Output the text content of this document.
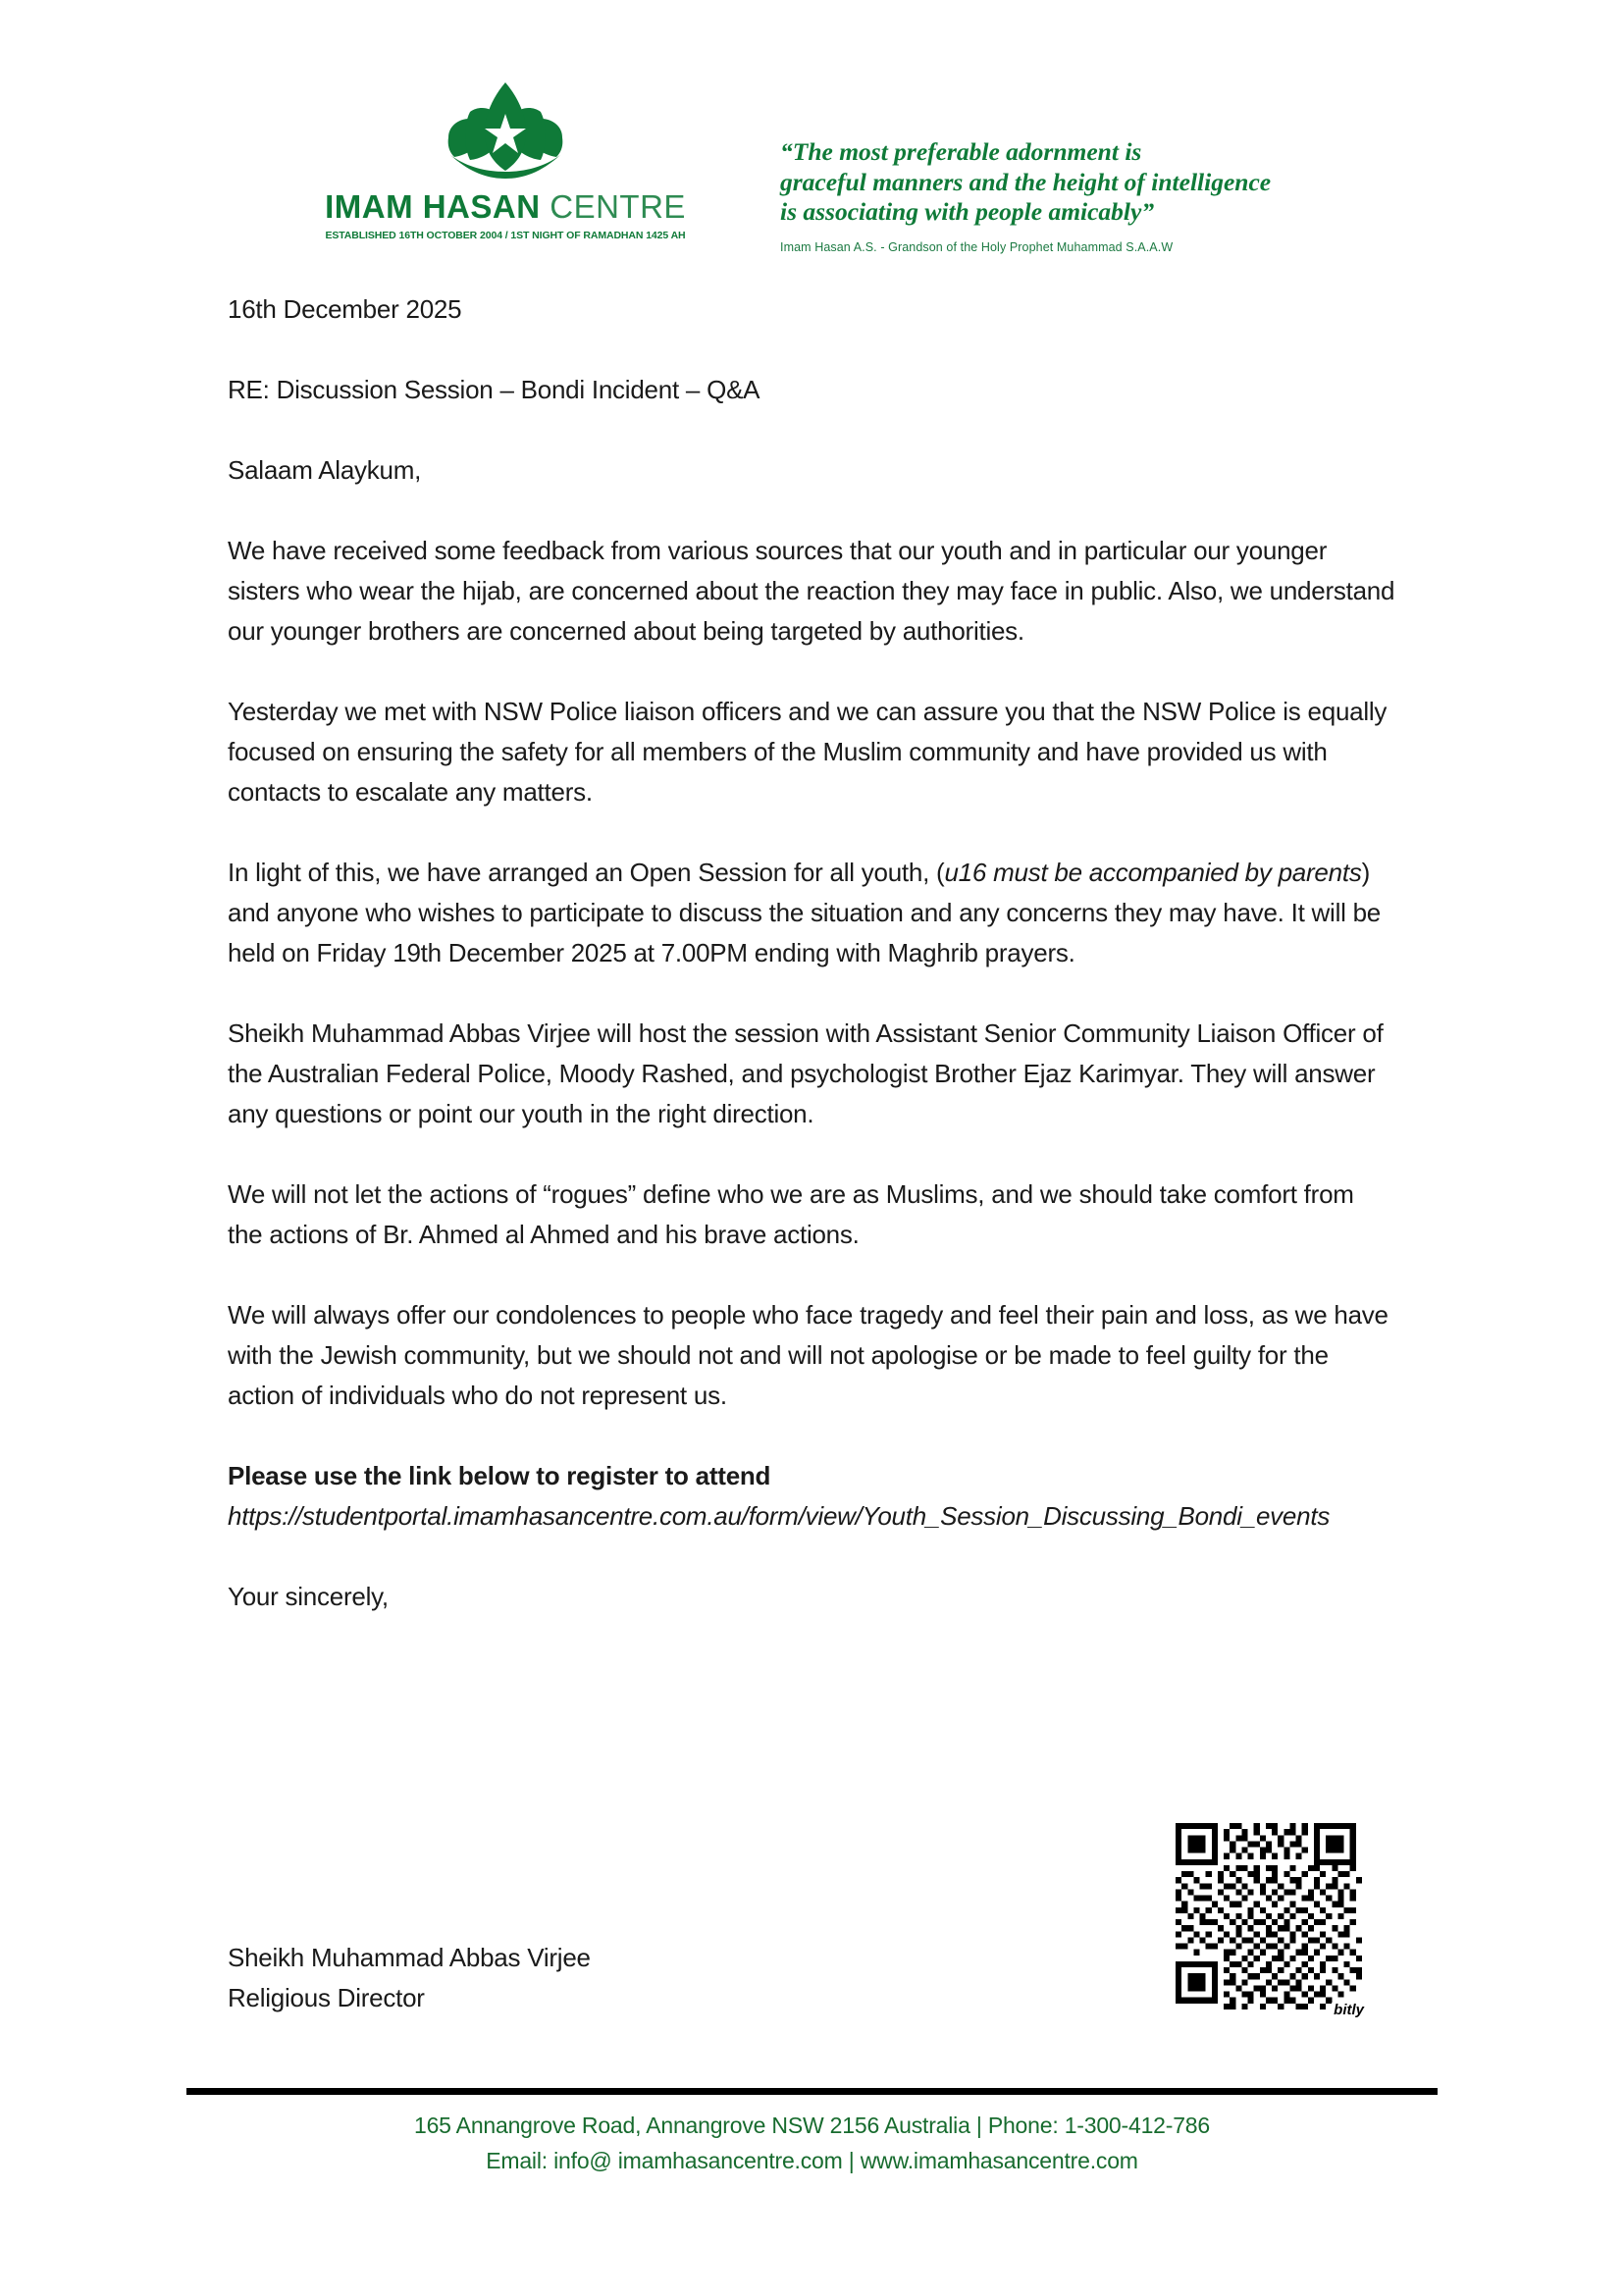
IMAM HASAN CENTRE
ESTABLISHED 16TH OCTOBER 2004 / 1ST NIGHT OF RAMADHAN 1425 AH
“The most preferable adornment is
graceful manners and the height of intelligence
is associating with people amicably”
Imam Hasan A.S. - Grandson of the Holy Prophet Muhammad S.A.A.W

16th December 2025

RE: Discussion Session – Bondi Incident – Q&A

Salaam Alaykum,

We have received some feedback from various sources that our youth and in particular our younger sisters who wear the hijab, are concerned about the reaction they may face in public. Also, we understand our younger brothers are concerned about being targeted by authorities.

Yesterday we met with NSW Police liaison officers and we can assure you that the NSW Police is equally focused on ensuring the safety for all members of the Muslim community and have provided us with contacts to escalate any matters.

In light of this, we have arranged an Open Session for all youth, (u16 must be accompanied by parents) and anyone who wishes to participate to discuss the situation and any concerns they may have. It will be held on Friday 19th December 2025 at 7.00PM ending with Maghrib prayers.

Sheikh Muhammad Abbas Virjee will host the session with Assistant Senior Community Liaison Officer of the Australian Federal Police, Moody Rashed, and psychologist Brother Ejaz Karimyar. They will answer any questions or point our youth in the right direction.

We will not let the actions of “rogues” define who we are as Muslims, and we should take comfort from the actions of Br. Ahmed al Ahmed and his brave actions.

We will always offer our condolences to people who face tragedy and feel their pain and loss, as we have with the Jewish community, but we should not and will not apologise or be made to feel guilty for the action of individuals who do not represent us.

Please use the link below to register to attend

https://studentportal.imamhasancentre.com.au/form/view/Youth_Session_Discussing_Bondi_events

Your sincerely,

Sheikh Muhammad Abbas Virjee
Religious Director	bitly
165 Annangrove Road, Annangrove NSW 2156 Australia | Phone: 1-300-412-786
Email: info@ imamhasancentre.com | www.imamhasancentre.com
